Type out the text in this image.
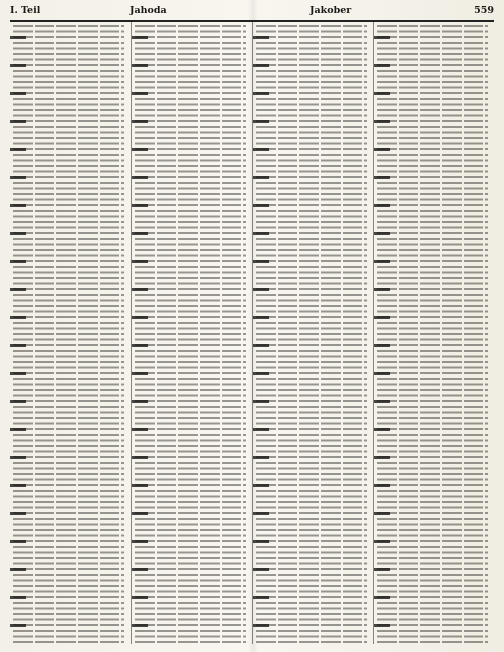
I. Teil	Jahoda	Jakober	559
